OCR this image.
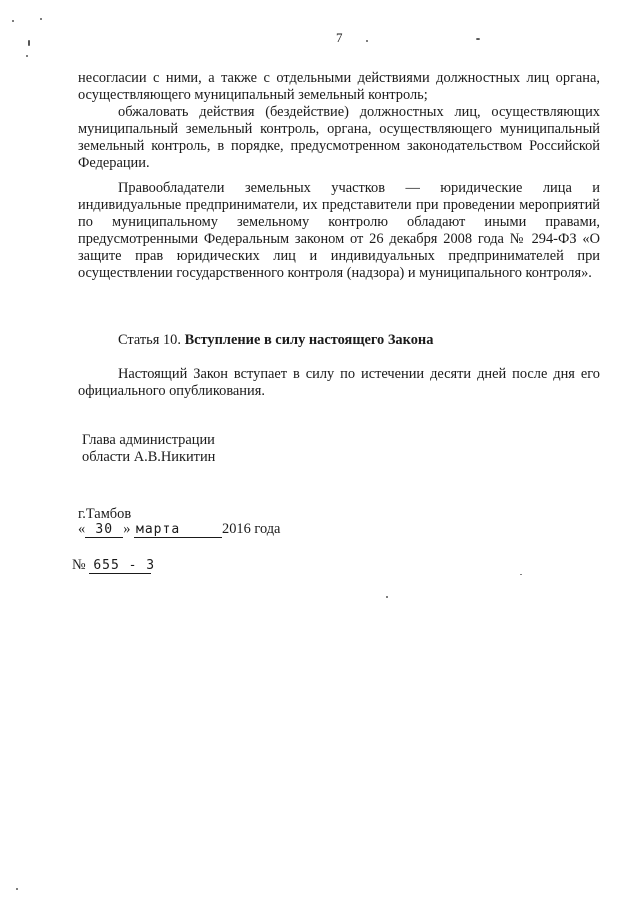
7

несогласии с ними, а также с отдельными действиями должностных лиц органа, осуществляющего муниципальный земельный контроль;

обжаловать действия (бездействие) должностных лиц, осуществляющих муниципальный земельный контроль, органа, осуществляющего муниципальный земельный контроль, в порядке, предусмотренном законодательством Российской Федерации.

Правообладатели земельных участков — юридические лица и индивидуальные предприниматели, их представители при проведении мероприятий по муниципальному земельному контролю обладают иными правами, предусмотренными Федеральным законом от 26 декабря 2008 года № 294-ФЗ «О защите прав юридических лиц и индивидуальных предпринимателей при осуществлении государственного контроля (надзора) и муниципального контроля».

Статья 10. Вступление в силу настоящего Закона

Настоящий Закон вступает в силу по истечении десяти дней после дня его официального опубликования.

Глава администрации
области А.В.Никитин
г.Тамбов
« 30 » марта	2016 года
№ 655 - З
